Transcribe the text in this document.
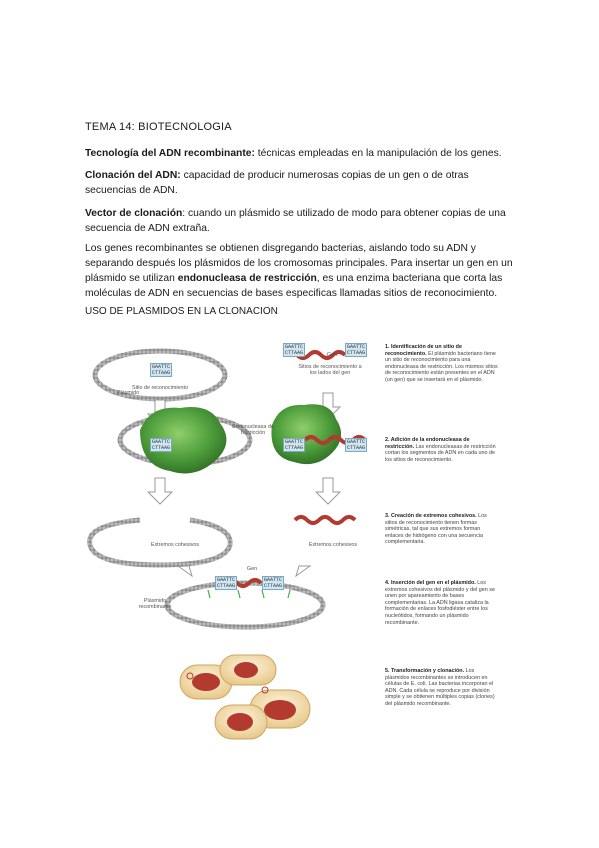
TEMA 14: BIOTECNOLOGIA
Tecnología del ADN recombinante: técnicas empleadas en la manipulación de los genes.
Clonación del ADN: capacidad de producir numerosas copias de un gen o de otras secuencias de ADN.
Vector de clonación: cuando un plásmido se utilizado de modo para obtener copias de una secuencia de ADN extraña.
Los genes recombinantes se obtienen disgregando bacterias, aislando todo su ADN y separando después los plásmidos de los cromosomas principales. Para insertar un gen en un plásmido se utilizan endonucleasa de restricción, es una enzima bacteriana que corta las moléculas de ADN en secuencias de bases especificas llamadas sitios de reconocimiento.
USO DE PLASMIDOS EN LA CLONACION
GAATTC
CTTAAG
GAATTC
CTTAAG
GAATTC
CTTAAG
GAATTC
CTTAAG
GAATTC
CTTAAG
GAATTC
CTTAAG
GAATTC
CTTAAG
GAATTC
CTTAAG
Sitio de reconocimiento
Plásmido
Gen
Sitios de reconocimiento a los lados del gen
Endonucleasa de restricción
Extremos cohesivos	Extremos cohesivos
Plásmido recombinante
Gen
1. Identificación de un sitio de reconocimiento. El plásmido bacteriano tiene un sitio de reconocimiento para una endonucleasa de restricción. Los mismos sitios de reconocimiento están presentes en el ADN (un gen) que se insertará en el plásmido.
2. Adición de la endonucleasa de restricción. Las endonucleasas de restricción cortan los segmentos de ADN en cada uno de los sitios de reconocimiento.
3. Creación de extremos cohesivos. Los sitios de reconocimiento tienen formas simétricas, tal que sus extremos forman enlaces de hidrógeno con una secuencia complementaria.
4. Inserción del gen en el plásmido. Los extremos cohesivos del plásmido y del gen se unen por apareamiento de bases complementarias. La ADN ligasa cataliza la formación de enlaces fosfodiéster entre los nucleótidos, formando un plásmido recombinante.
5. Transformación y clonación. Los plásmidos recombinantes se introducen en células de E. coli. Las bacterias incorporan el ADN. Cada célula se reproduce por división simple y se obtienen múltiples copias (clones) del plásmido recombinante.
